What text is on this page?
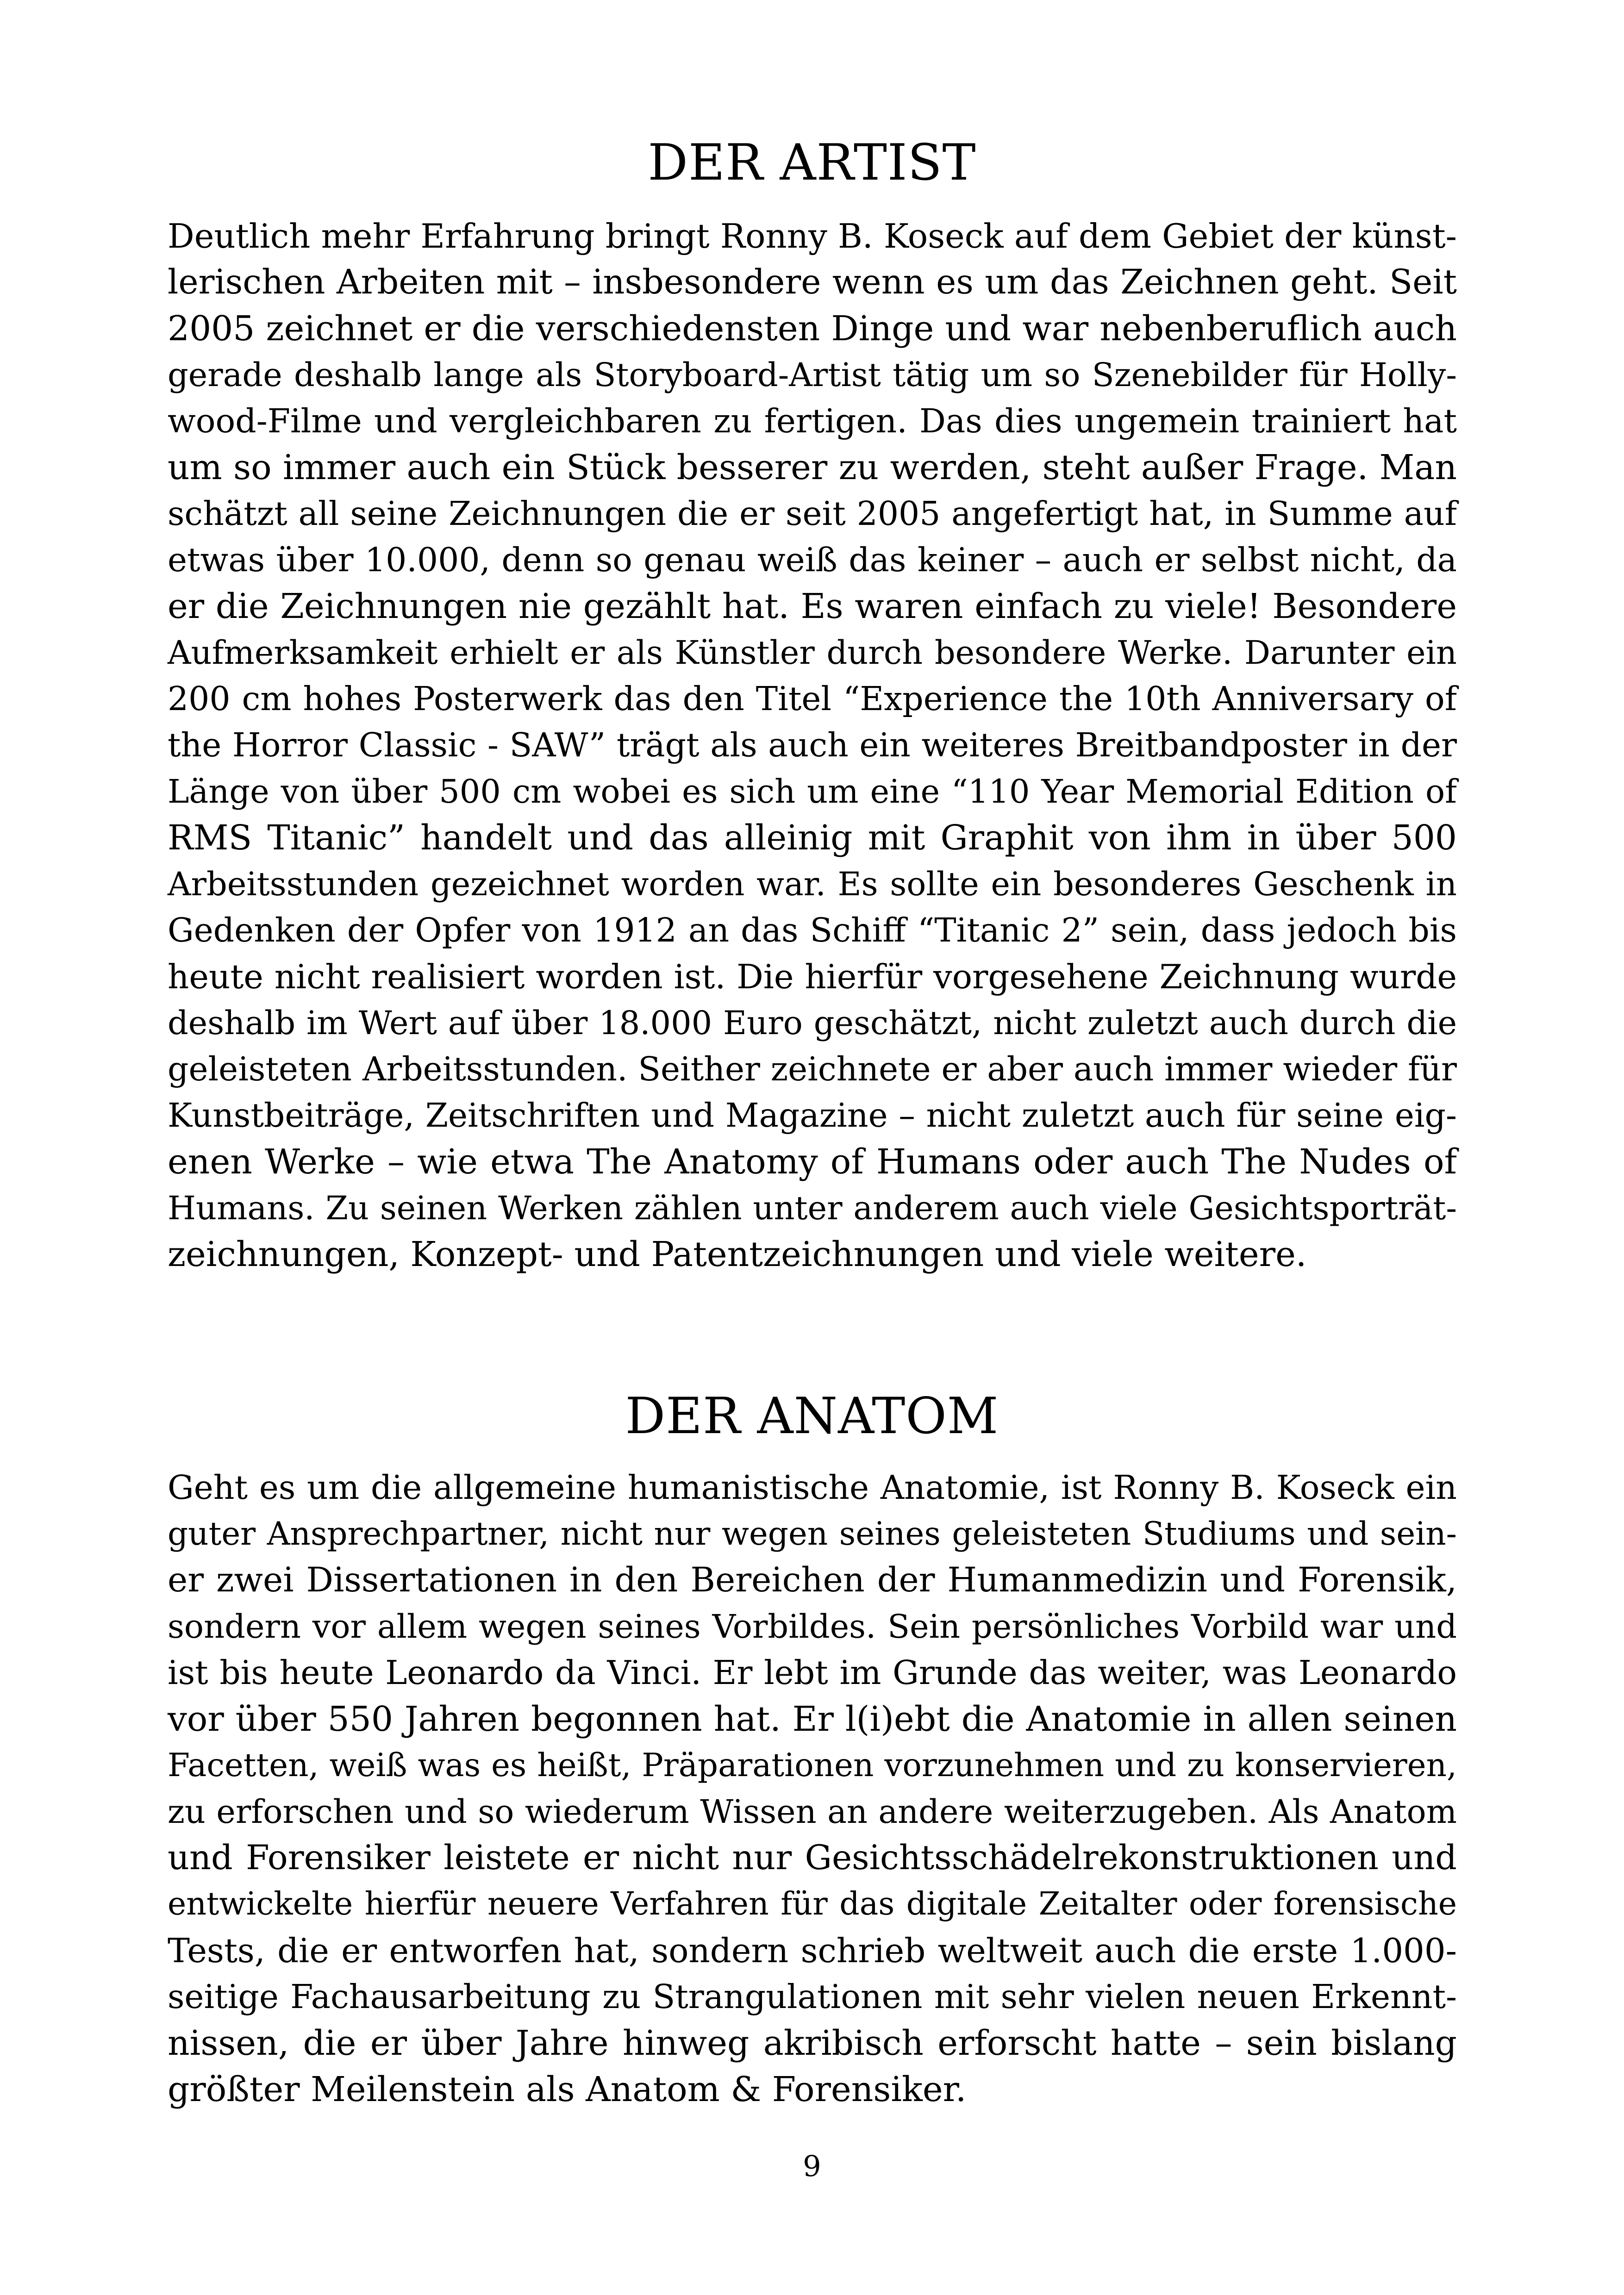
DER ARTIST
Deutlich mehr Erfahrung bringt Ronny B. Koseck auf dem Gebiet der künst-
lerischen Arbeiten mit – insbesondere wenn es um das Zeichnen geht. Seit
2005 zeichnet er die verschiedensten Dinge und war nebenberuflich auch
gerade deshalb lange als Storyboard-Artist tätig um so Szenebilder für Holly-
wood-Filme und vergleichbaren zu fertigen. Das dies ungemein trainiert hat
um so immer auch ein Stück besserer zu werden, steht außer Frage. Man
schätzt all seine Zeichnungen die er seit 2005 angefertigt hat, in Summe auf
etwas über 10.000, denn so genau weiß das keiner – auch er selbst nicht, da
er die Zeichnungen nie gezählt hat. Es waren einfach zu viele! Besondere
Aufmerksamkeit erhielt er als Künstler durch besondere Werke. Darunter ein
200 cm hohes Posterwerk das den Titel “Experience the 10th Anniversary of
the Horror Classic - SAW” trägt als auch ein weiteres Breitbandposter in der
Länge von über 500 cm wobei es sich um eine “110 Year Memorial Edition of
RMS Titanic” handelt und das alleinig mit Graphit von ihm in über 500
Arbeitsstunden gezeichnet worden war. Es sollte ein besonderes Geschenk in
Gedenken der Opfer von 1912 an das Schiff “Titanic 2” sein, dass jedoch bis
heute nicht realisiert worden ist. Die hierfür vorgesehene Zeichnung wurde
deshalb im Wert auf über 18.000 Euro geschätzt, nicht zuletzt auch durch die
geleisteten Arbeitsstunden. Seither zeichnete er aber auch immer wieder für
Kunstbeiträge, Zeitschriften und Magazine – nicht zuletzt auch für seine eig-
enen Werke – wie etwa The Anatomy of Humans oder auch The Nudes of
Humans. Zu seinen Werken zählen unter anderem auch viele Gesichtsporträt-
zeichnungen, Konzept- und Patentzeichnungen und viele weitere.
DER ANATOM
Geht es um die allgemeine humanistische Anatomie, ist Ronny B. Koseck ein
guter Ansprechpartner, nicht nur wegen seines geleisteten Studiums und sein-
er zwei Dissertationen in den Bereichen der Humanmedizin und Forensik,
sondern vor allem wegen seines Vorbildes. Sein persönliches Vorbild war und
ist bis heute Leonardo da Vinci. Er lebt im Grunde das weiter, was Leonardo
vor über 550 Jahren begonnen hat. Er l(i)ebt die Anatomie in allen seinen
Facetten, weiß was es heißt, Präparationen vorzunehmen und zu konservieren,
zu erforschen und so wiederum Wissen an andere weiterzugeben. Als Anatom
und Forensiker leistete er nicht nur Gesichtsschädelrekonstruktionen und
entwickelte hierfür neuere Verfahren für das digitale Zeitalter oder forensische
Tests, die er entworfen hat, sondern schrieb weltweit auch die erste 1.000-
seitige Fachausarbeitung zu Strangulationen mit sehr vielen neuen Erkennt-
nissen, die er über Jahre hinweg akribisch erforscht hatte – sein bislang
größter Meilenstein als Anatom & Forensiker.
9
